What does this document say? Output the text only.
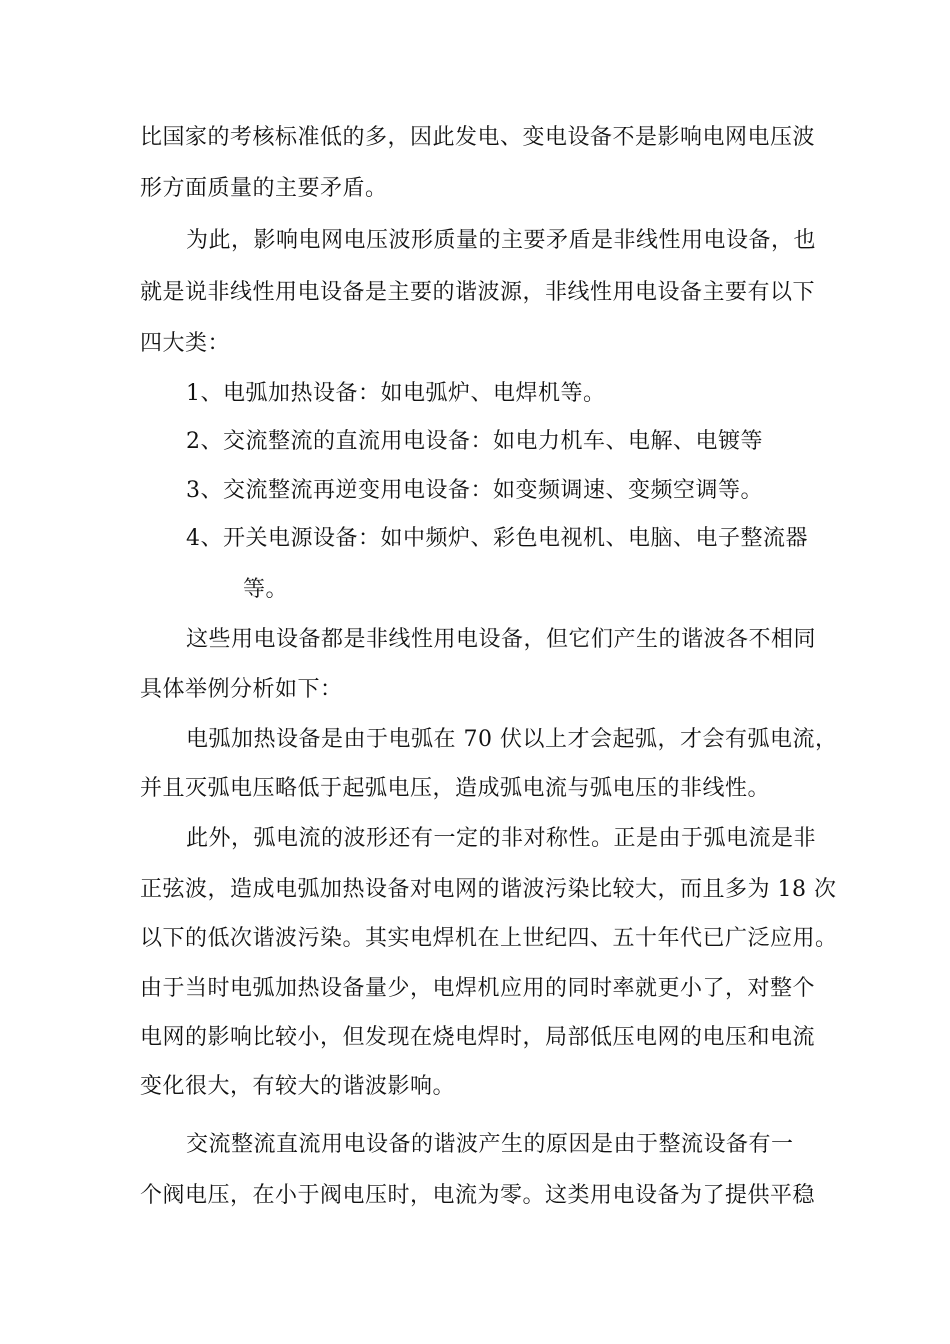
比国家的考核标准低的多，因此发电、变电设备不是影响电网电压波
形方面质量的主要矛盾。
为此，影响电网电压波形质量的主要矛盾是非线性用电设备，也
就是说非线性用电设备是主要的谐波源，非线性用电设备主要有以下
四大类：
1、电弧加热设备：如电弧炉、电焊机等。
2、交流整流的直流用电设备：如电力机车、电解、电镀等
3、交流整流再逆变用电设备：如变频调速、变频空调等。
4、开关电源设备：如中频炉、彩色电视机、电脑、电子整流器
等。
这些用电设备都是非线性用电设备，但它们产生的谐波各不相同
具体举例分析如下：
电弧加热设备是由于电弧在 70 伏以上才会起弧，才会有弧电流，
并且灭弧电压略低于起弧电压，造成弧电流与弧电压的非线性。
此外，弧电流的波形还有一定的非对称性。正是由于弧电流是非
正弦波，造成电弧加热设备对电网的谐波污染比较大，而且多为 18 次
以下的低次谐波污染。其实电焊机在上世纪四、五十年代已广泛应用。
由于当时电弧加热设备量少，电焊机应用的同时率就更小了，对整个
电网的影响比较小，但发现在烧电焊时，局部低压电网的电压和电流
变化很大，有较大的谐波影响。
交流整流直流用电设备的谐波产生的原因是由于整流设备有一
个阀电压，在小于阀电压时，电流为零。这类用电设备为了提供平稳
